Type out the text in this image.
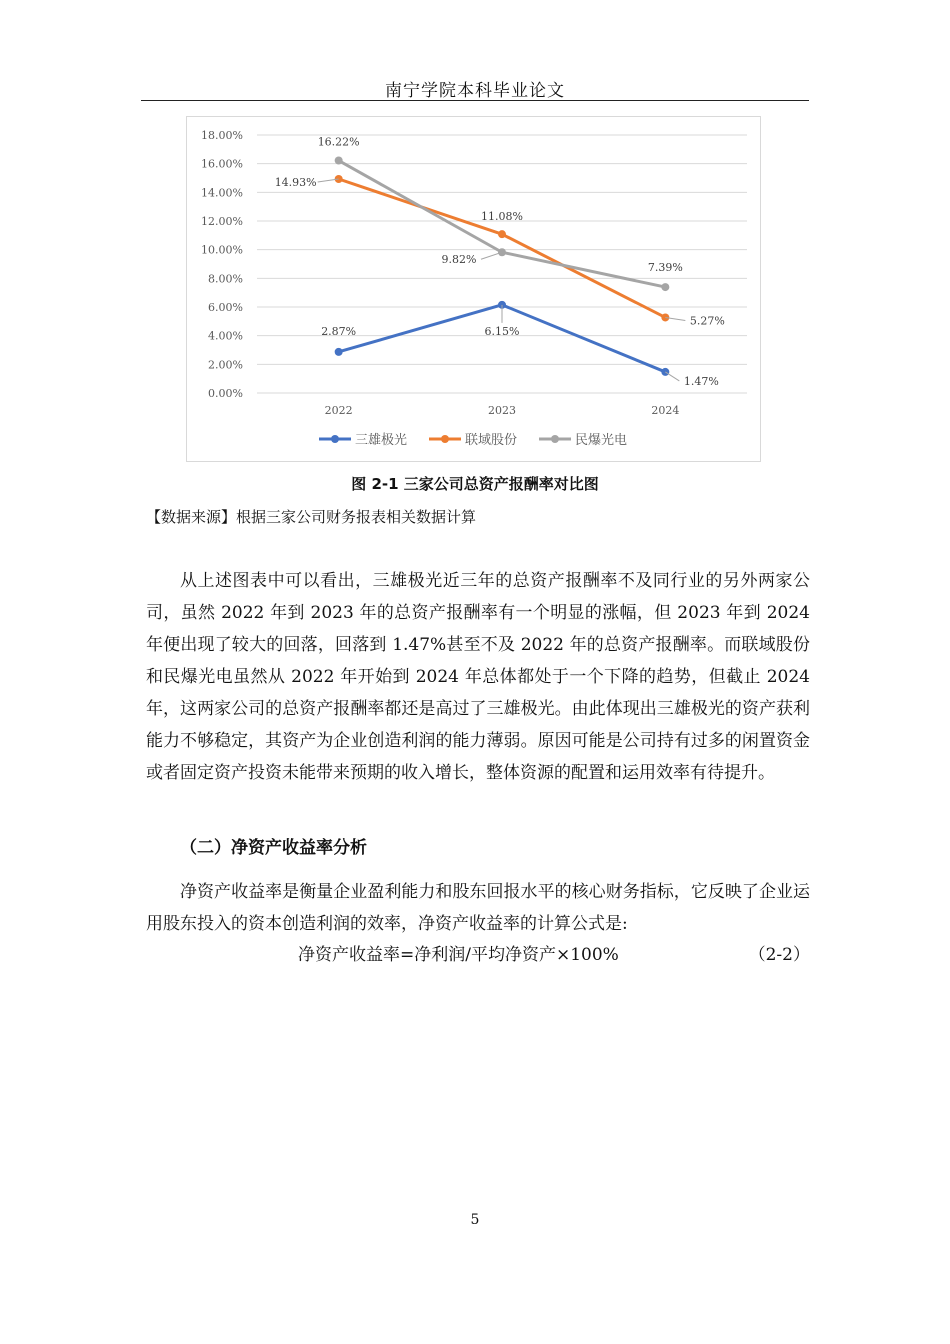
南宁学院本科毕业论文
0.00%
2.00%
4.00%
6.00%
8.00%
10.00%
12.00%
14.00%
16.00%
18.00%
2022	2023	2024
2.87%	6.15%
1.47%
14.93%
11.08%
5.27%
16.22%
9.82%
7.39%
三雄极光	联域股份	民爆光电
图 2-1 三家公司总资产报酬率对比图
【数据来源】根据三家公司财务报表相关数据计算

从上述图表中可以看出，三雄极光近三年的总资产报酬率不及同行业的另外两家公司，虽然 2022 年到 2023 年的总资产报酬率有一个明显的涨幅，但 2023 年到 2024 年便出现了较大的回落，回落到 1.47%甚至不及 2022 年的总资产报酬率。而联域股份和民爆光电虽然从 2022 年开始到 2024 年总体都处于一个下降的趋势，但截止 2024 年，这两家公司的总资产报酬率都还是高过了三雄极光。由此体现出三雄极光的资产获利能力不够稳定，其资产为企业创造利润的能力薄弱。原因可能是公司持有过多的闲置资金或者固定资产投资未能带来预期的收入增长，整体资源的配置和运用效率有待提升。

（二）净资产收益率分析

净资产收益率是衡量企业盈利能力和股东回报水平的核心财务指标，它反映了企业运用股东投入的资本创造利润的效率，净资产收益率的计算公式是:

净资产收益率=净利润/平均净资产×100%	（2-2）
5
